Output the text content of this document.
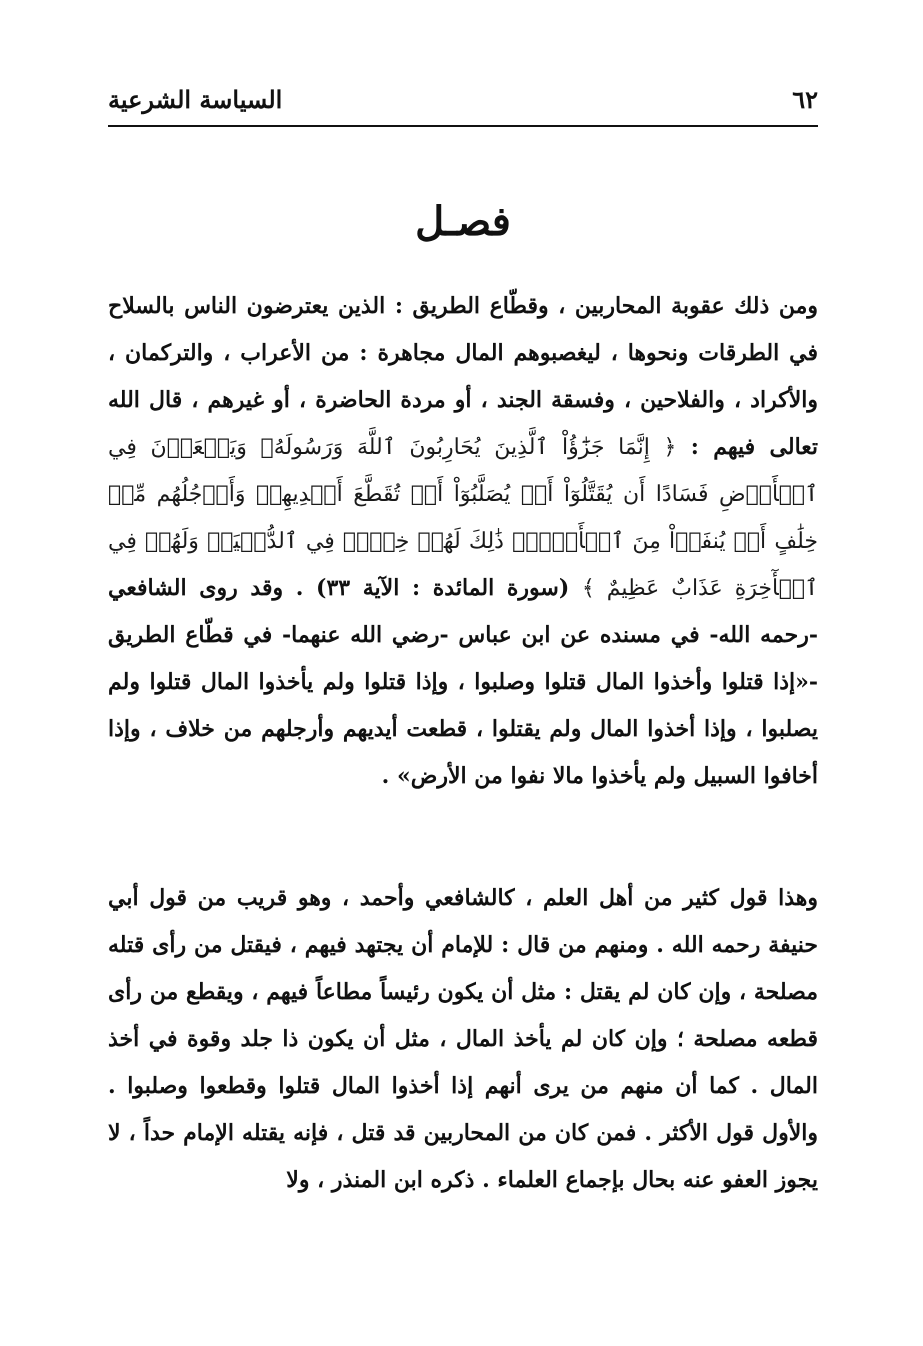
٦٢
السياسة الشرعية
فصـل

ومن ذلك عقوبة المحاربين ، وقطّاع الطريق : الذين يعترضون الناس بالسلاح في الطرقات ونحوها ، ليغصبوهم المال مجاهرة : من الأعراب ، والتركمان ، والأكراد ، والفلاحين ، وفسقة الجند ، أو مردة الحاضرة ، أو غيرهم ، قال الله تعالى فيهم : ﴿ إِنَّمَا جَزَٰٓؤُاْ ٱلَّذِينَ يُحَارِبُونَ ٱللَّهَ وَرَسُولَهُۥ وَيَسۡعَوۡنَ فِي ٱلۡأَرۡضِ فَسَادًا أَن يُقَتَّلُوٓاْ أَوۡ يُصَلَّبُوٓاْ أَوۡ تُقَطَّعَ أَيۡدِيهِمۡ وَأَرۡجُلُهُم مِّنۡ خِلَٰفٍ أَوۡ يُنفَوۡاْ مِنَ ٱلۡأَرۡضِۚ ذَٰلِكَ لَهُمۡ خِزۡيٞ فِي ٱلدُّنۡيَاۖ وَلَهُمۡ فِي ٱلۡأٓخِرَةِ عَذَابٌ عَظِيمٌ ﴾ (سورة المائدة : الآية ٣٣) . وقد روى الشافعي -رحمه الله- في مسنده عن ابن عباس -رضي الله عنهما- في قطّاع الطريق -«إذا قتلوا وأخذوا المال قتلوا وصلبوا ، وإذا قتلوا ولم يأخذوا المال قتلوا ولم يصلبوا ، وإذا أخذوا المال ولم يقتلوا ، قطعت أيديهم وأرجلهم من خلاف ، وإذا أخافوا السبيل ولم يأخذوا مالا نفوا من الأرض» .

وهذا قول كثير من أهل العلم ، كالشافعي وأحمد ، وهو قريب من قول أبي حنيفة رحمه الله . ومنهم من قال : للإمام أن يجتهد فيهم ، فيقتل من رأى قتله مصلحة ، وإن كان لم يقتل : مثل أن يكون رئيساً مطاعاً فيهم ، ويقطع من رأى قطعه مصلحة ؛ وإن كان لم يأخذ المال ، مثل أن يكون ذا جلد وقوة في أخذ المال . كما أن منهم من يرى أنهم إذا أخذوا المال قتلوا وقطعوا وصلبوا . والأول قول الأكثر . فمن كان من المحاربين قد قتل ، فإنه يقتله الإمام حداً ، لا يجوز العفو عنه بحال بإجماع العلماء . ذكره ابن المنذر ، ولا
